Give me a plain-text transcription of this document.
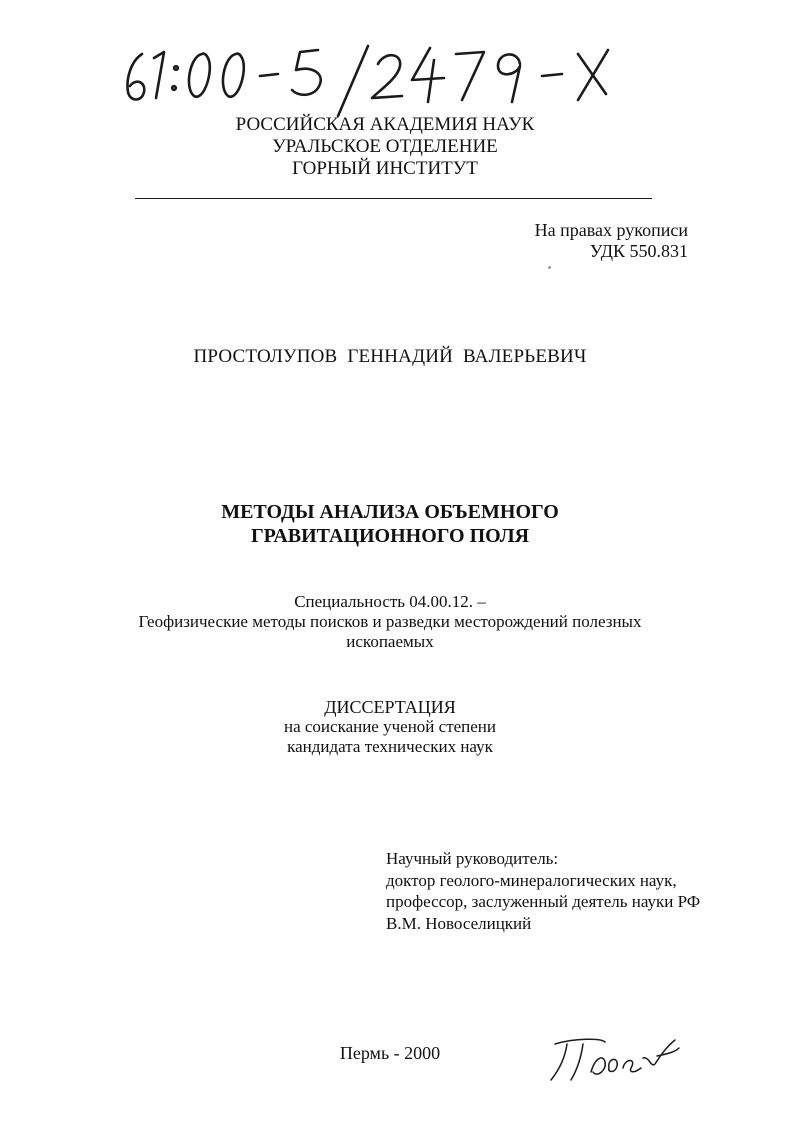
РОССИЙСКАЯ АКАДЕМИЯ НАУК
УРАЛЬСКОЕ ОТДЕЛЕНИЕ
ГОРНЫЙ ИНСТИТУТ
На правах рукописи
УДК 550.831
ПРОСТОЛУПОВ  ГЕННАДИЙ  ВАЛЕРЬЕВИЧ
МЕТОДЫ АНАЛИЗА ОБЪЕМНОГО
ГРАВИТАЦИОННОГО ПОЛЯ
Специальность 04.00.12. –
Геофизические методы поисков и разведки месторождений полезных
ископаемых
ДИССЕРТАЦИЯ
на соискание ученой степени
кандидата технических наук
Научный руководитель:
доктор геолого-минералогических наук,
профессор, заслуженный деятель науки РФ
В.М. Новоселицкий
Пермь - 2000
